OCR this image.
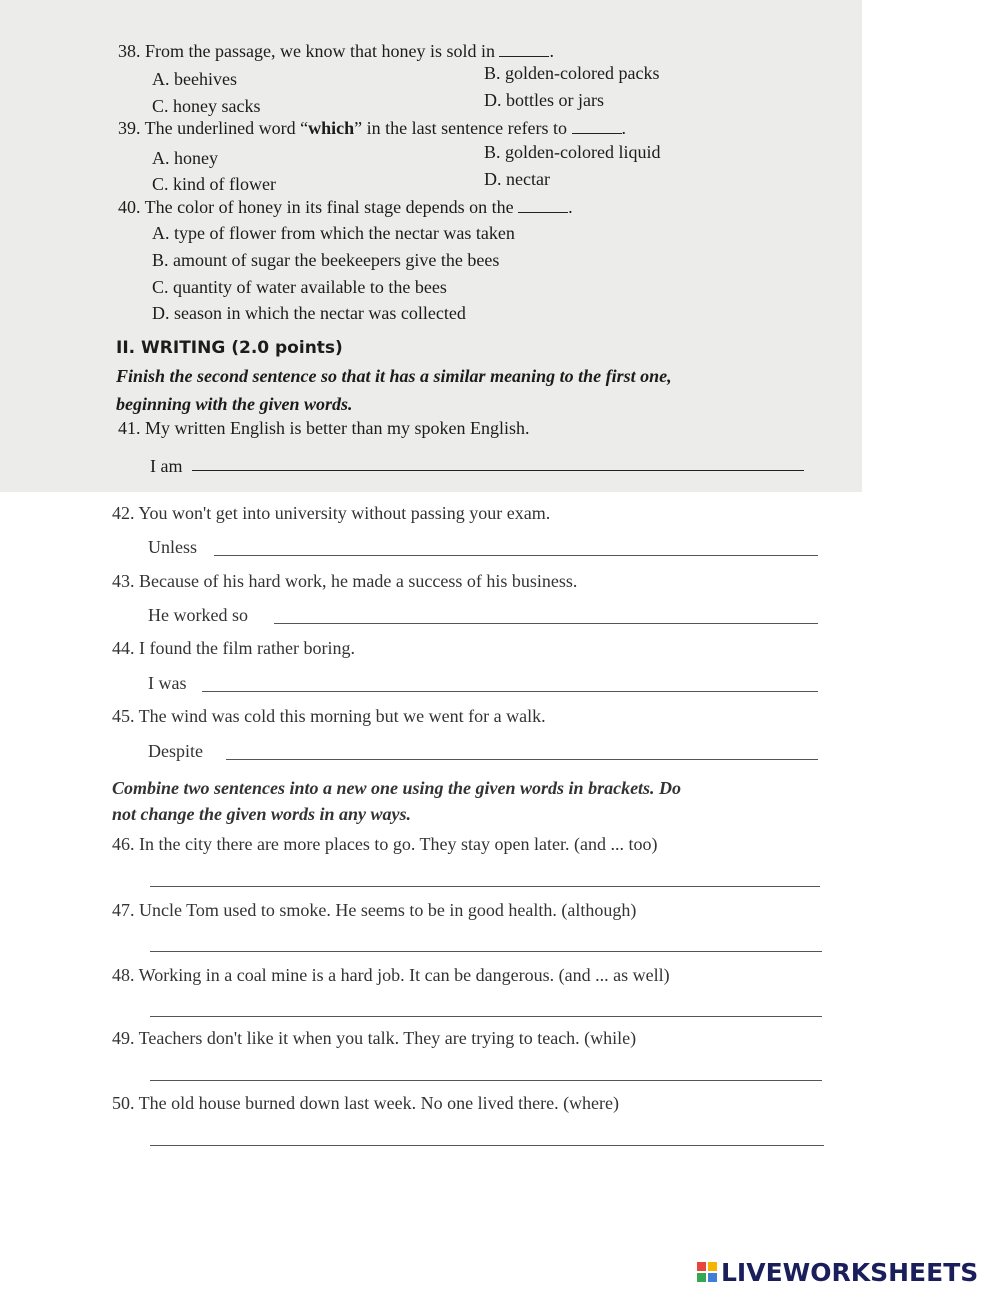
38. From the passage, we know that honey is sold in	.
A. beehives	B. golden-colored packs
C. honey sacks	D. bottles or jars
39. The underlined word “which” in the last sentence refers to	.
A. honey	B. golden-colored liquid
C. kind of flower	D. nectar
40. The color of honey in its final stage depends on the	.
A. type of flower from which the nectar was taken
B. amount of sugar the beekeepers give the bees
C. quantity of water available to the bees
D. season in which the nectar was collected
II. WRITING (2.0 points)
Finish the second sentence so that it has a similar meaning to the first one,
beginning with the given words.
41. My written English is better than my spoken English.
I am
42. You won't get into university without passing your exam.
Unless
43. Because of his hard work, he made a success of his business.
He worked so
44. I found the film rather boring.
I was
45. The wind was cold this morning but we went for a walk.
Despite
Combine two sentences into a new one using the given words in brackets. Do
not change the given words in any ways.
46. In the city there are more places to go. They stay open later. (and ... too)
47. Uncle Tom used to smoke. He seems to be in good health. (although)
48. Working in a coal mine is a hard job. It can be dangerous. (and ... as well)
49. Teachers don't like it when you talk. They are trying to teach. (while)
50. The old house burned down last week. No one lived there. (where)
LIVEWORKSHEETS
